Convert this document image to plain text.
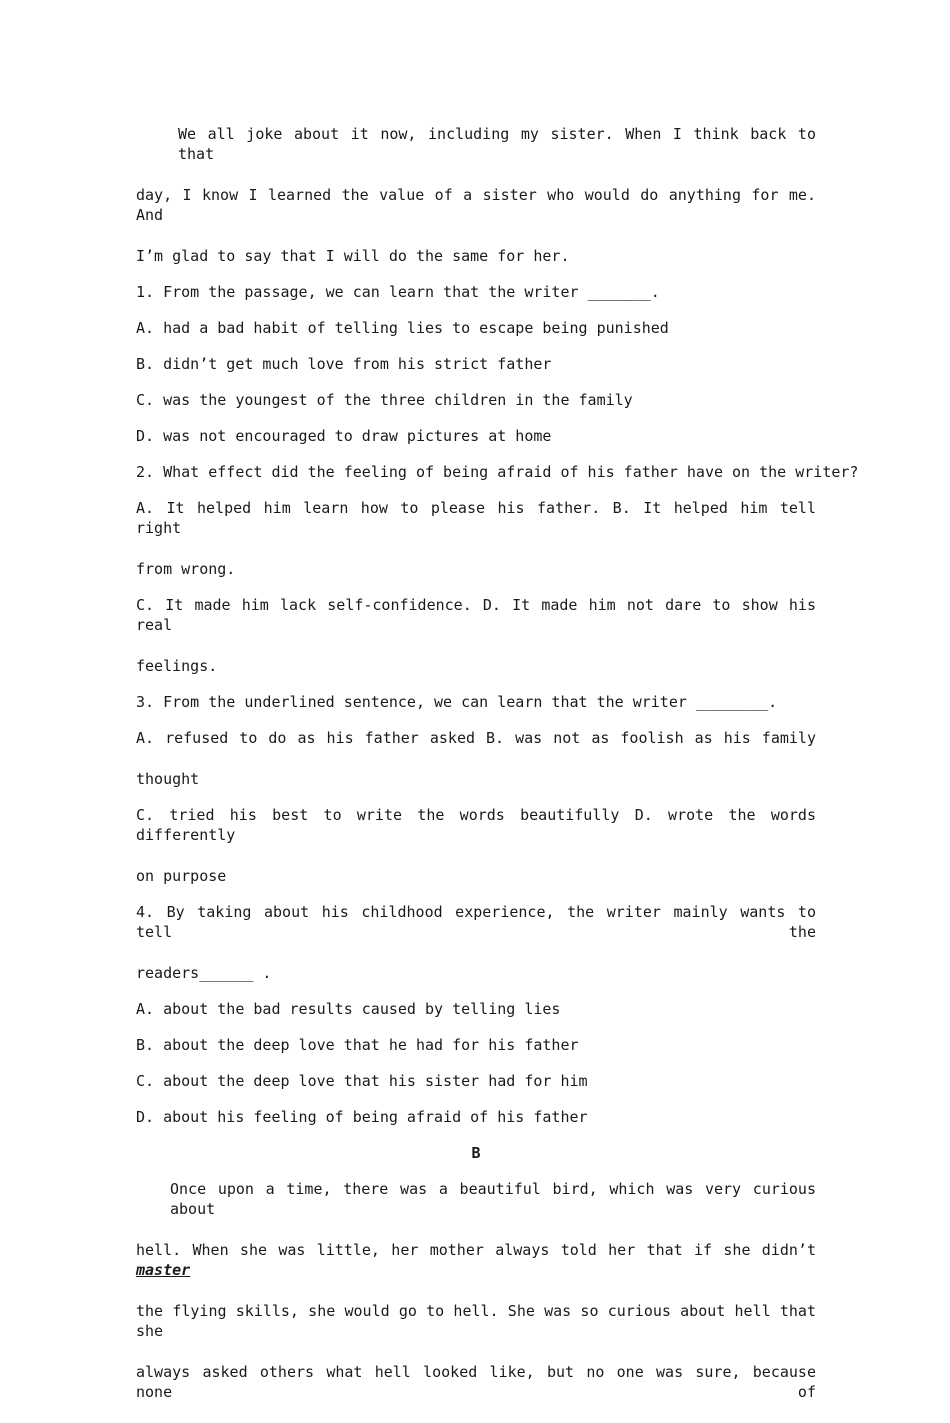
We all joke about it now, including my sister. When I think back to that

day, I know I learned the value of a sister who would do anything for me. And

I’m glad to say that I will do the same for her.

1. From the passage, we can learn that the writer _______.

A. had a bad habit of telling lies to escape being punished

B. didn’t get much love from his strict father

C. was the youngest of the three children in the family

D. was not encouraged to draw pictures at home

2. What effect did the feeling of being afraid of his father have on the writer?

A. It helped him learn how to please his father. B. It helped him tell right

from wrong.

C. It made him lack self-confidence. D. It made him not dare to show his real

feelings.

3. From the underlined sentence, we can learn that the writer ________.

A. refused to do as his father asked B. was not as foolish as his family

thought

C. tried his best to write the words beautifully D. wrote the words differently

on purpose

4. By taking about his childhood experience, the writer mainly wants to tell the

readers______ .

A. about the bad results caused by telling lies

B. about the deep love that he had for his father

C. about the deep love that his sister had for him

D. about his feeling of being afraid of his father

B

Once upon a time, there was a beautiful bird, which was very curious about

hell. When she was little, her mother always told her that if she didn’t master

the flying skills, she would go to hell. She was so curious about hell that she

always asked others what hell looked like, but no one was sure, because none of
